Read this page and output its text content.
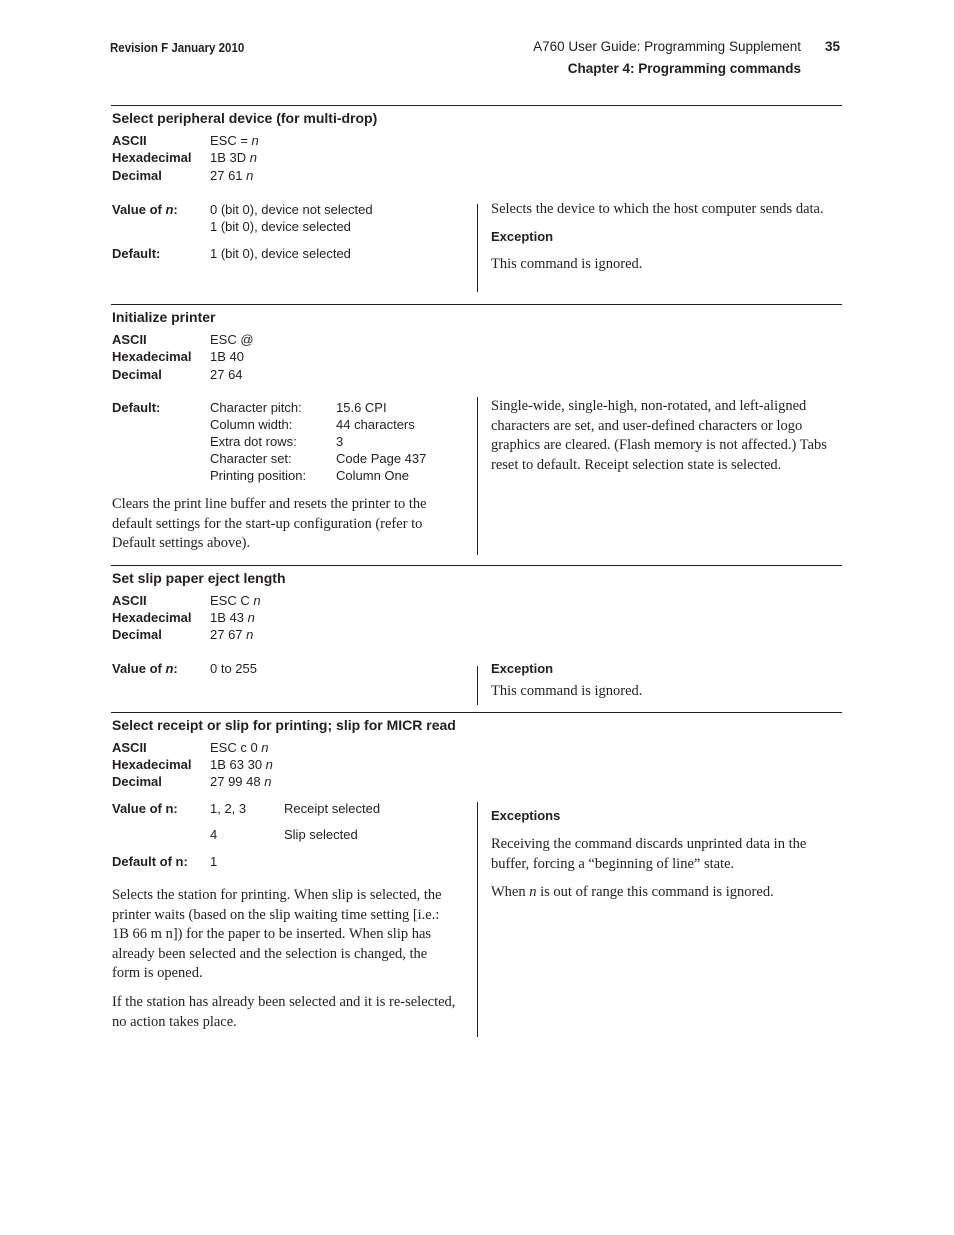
Revision F January 2010	A760 User Guide: Programming Supplement 35
Chapter 4: Programming commands
Select peripheral device (for multi-drop)
ASCII	ESC = n
Hexadecimal 1B 3D n
Decimal	27 61 n
Value of n: 0 (bit 0), device not selected
1 (bit 0), device selected
Default:	1 (bit 0), device selected
Selects the device to which the host computer sends data.
Exception
This command is ignored.
Initialize printer
ASCII	ESC @
Hexadecimal 1B 40
Decimal	27 64
Default:	Character pitch:	15.6 CPI
Column width:	44 characters
Extra dot rows:	3
Character set:	Code Page 437
Printing position: Column One
Clears the print line buffer and resets the printer to the default settings for the start-up configuration (refer to Default settings above).
Single-wide, single-high, non-rotated, and left-aligned characters are set, and user-defined characters or logo graphics are cleared. (Flash memory is not affected.) Tabs reset to default. Receipt selection state is selected.
Set slip paper eject length
ASCII	ESC C n
Hexadecimal 1B 43 n
Decimal	27 67 n
Value of n: 0 to 255	Exception
This command is ignored.
Select receipt or slip for printing; slip for MICR read
ASCII	ESC c 0 n
Hexadecimal 1B 63 30 n
Decimal	27 99 48 n
Value of n: 1, 2, 3	Receipt selected
4	Slip selected
Default of n: 1
Selects the station for printing. When slip is selected, the printer waits (based on the slip waiting time setting [i.e.: 1B 66 m n]) for the paper to be inserted. When slip has already been selected and the selection is changed, the form is opened.
If the station has already been selected and it is re-selected, no action takes place.
Exceptions
Receiving the command discards unprinted data in the buffer, forcing a “beginning of line” state.
When n is out of range this command is ignored.
